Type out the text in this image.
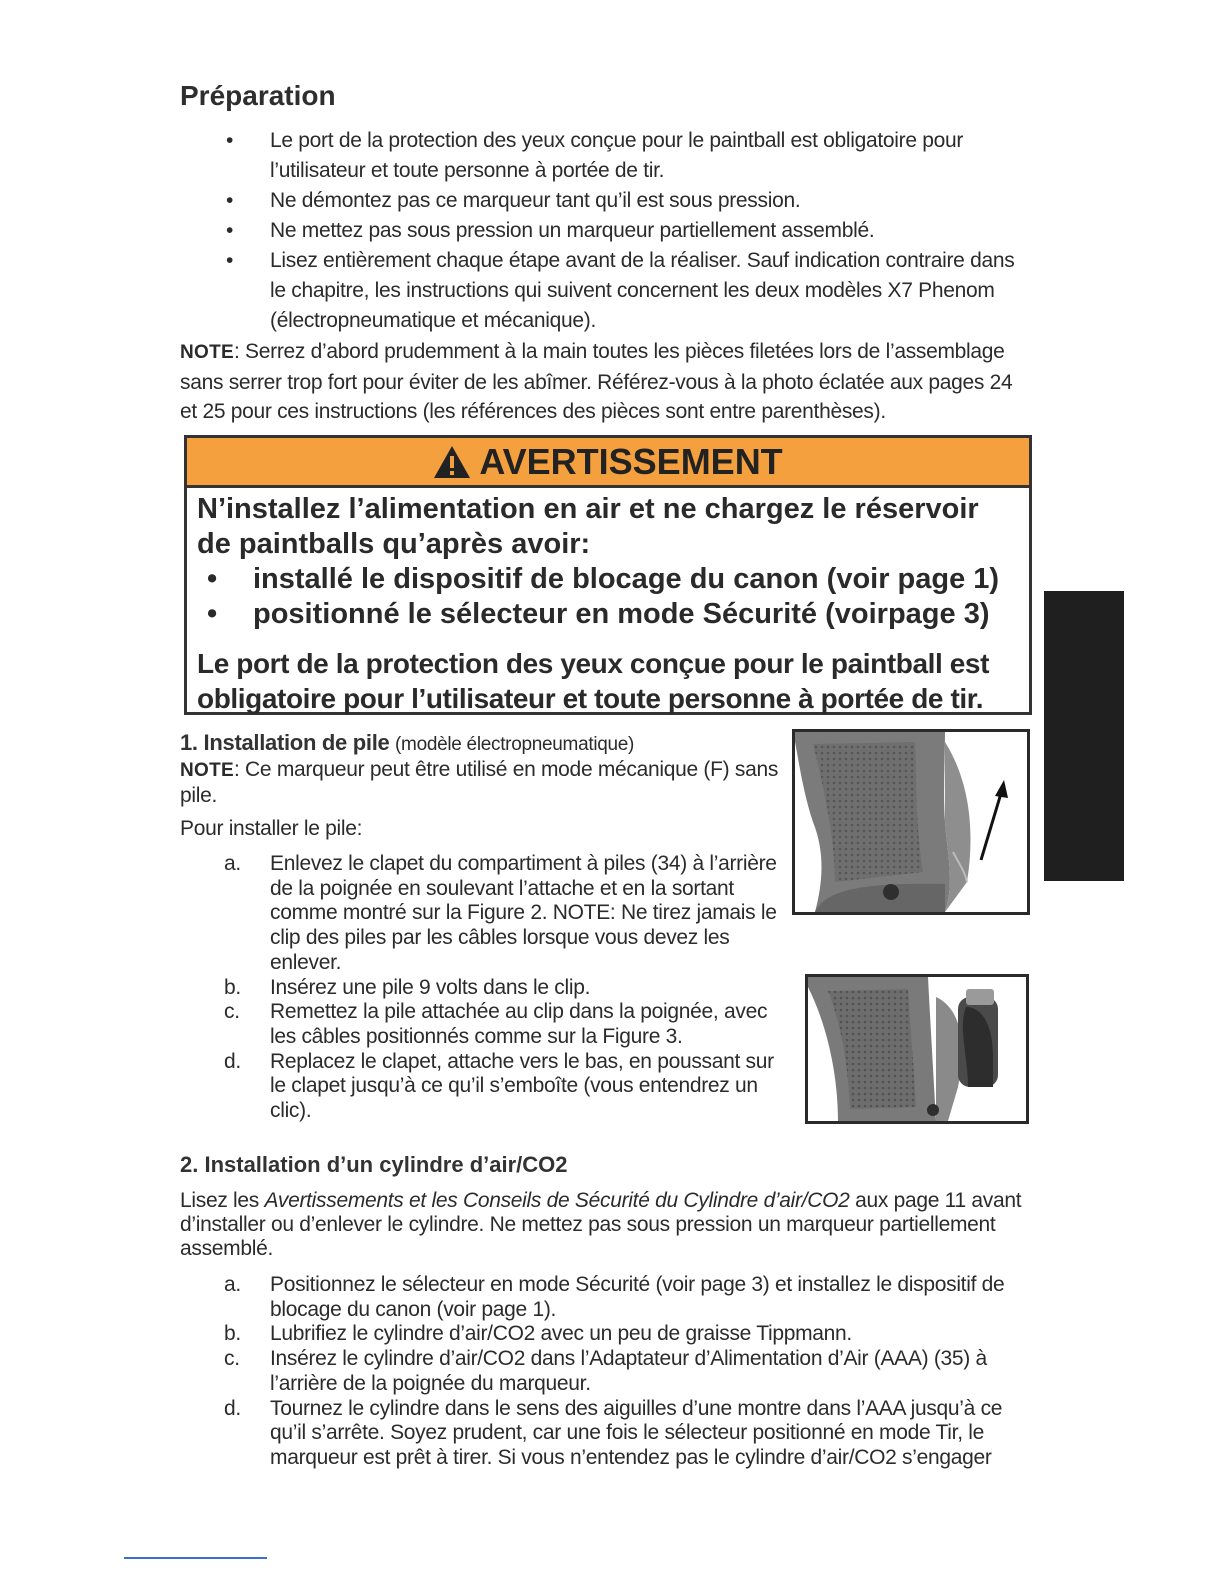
Préparation
• Le port de la protection des yeux conçue pour le paintball est obligatoire pour l’utilisateur et toute personne à portée de tir.
• Ne démontez pas ce marqueur tant qu’il est sous pression.
• Ne mettez pas sous pression un marqueur partiellement assemblé.
• Lisez entièrement chaque étape avant de la réaliser. Sauf indication contraire dans le chapitre, les instructions qui suivent concernent les deux modèles X7 Phenom (électropneumatique et mécanique).

NOTE: Serrez d’abord prudemment à la main toutes les pièces filetées lors de l’assemblage sans serrer trop fort pour éviter de les abîmer. Référez-vous à la photo éclatée aux pages 24 et 25 pour ces instructions (les références des pièces sont entre parenthèses).

AVERTISSEMENT

N’installez l’alimentation en air et ne chargez le réservoir de paintballs qu’après avoir:

• installé le dispositif de blocage du canon (voir page 1)
• positionné le sélecteur en mode Sécurité (voirpage 3)

Le port de la protection des yeux conçue pour le paintball est obligatoire pour l’utilisateur et toute personne à portée de tir.

1. Installation de pile (modèle électropneumatique)
NOTE: Ce marqueur peut être utilisé en mode mécanique (F) sans pile.

Pour installer le pile:

a. Enlevez le clapet du compartiment à piles (34) à l’arrière de la poignée en soulevant l’attache et en la sortant comme montré sur la Figure 2. NOTE: Ne tirez jamais le clip des piles par les câbles lorsque vous devez les enlever.
b. Insérez une pile 9 volts dans le clip.
c. Remettez la pile attachée au clip dans la poignée, avec les câbles positionnés comme sur la Figure 3.
d. Replacez le clapet, attache vers le bas, en poussant sur le clapet jusqu’à ce qu’il s’emboîte (vous entendrez un clic).
2. Installation d’un cylindre d’air/CO2

Lisez les Avertissements et les Conseils de Sécurité du Cylindre d’air/CO2 aux page 11 avant d’installer ou d’enlever le cylindre. Ne mettez pas sous pression un marqueur partiellement assemblé.

a. Positionnez le sélecteur en mode Sécurité (voir page 3) et installez le dispositif de blocage du canon (voir page 1).
b. Lubrifiez le cylindre d’air/CO2 avec un peu de graisse Tippmann.
c. Insérez le cylindre d’air/CO2 dans l’Adaptateur d’Alimentation d’Air (AAA) (35) à l’arrière de la poignée du marqueur.
d. Tournez le cylindre dans le sens des aiguilles d’une montre dans l’AAA jusqu’à ce qu’il s’arrête. Soyez prudent, car une fois le sélecteur positionné en mode Tir, le marqueur est prêt à tirer. Si vous n’entendez pas le cylindre d’air/CO2 s’engager
